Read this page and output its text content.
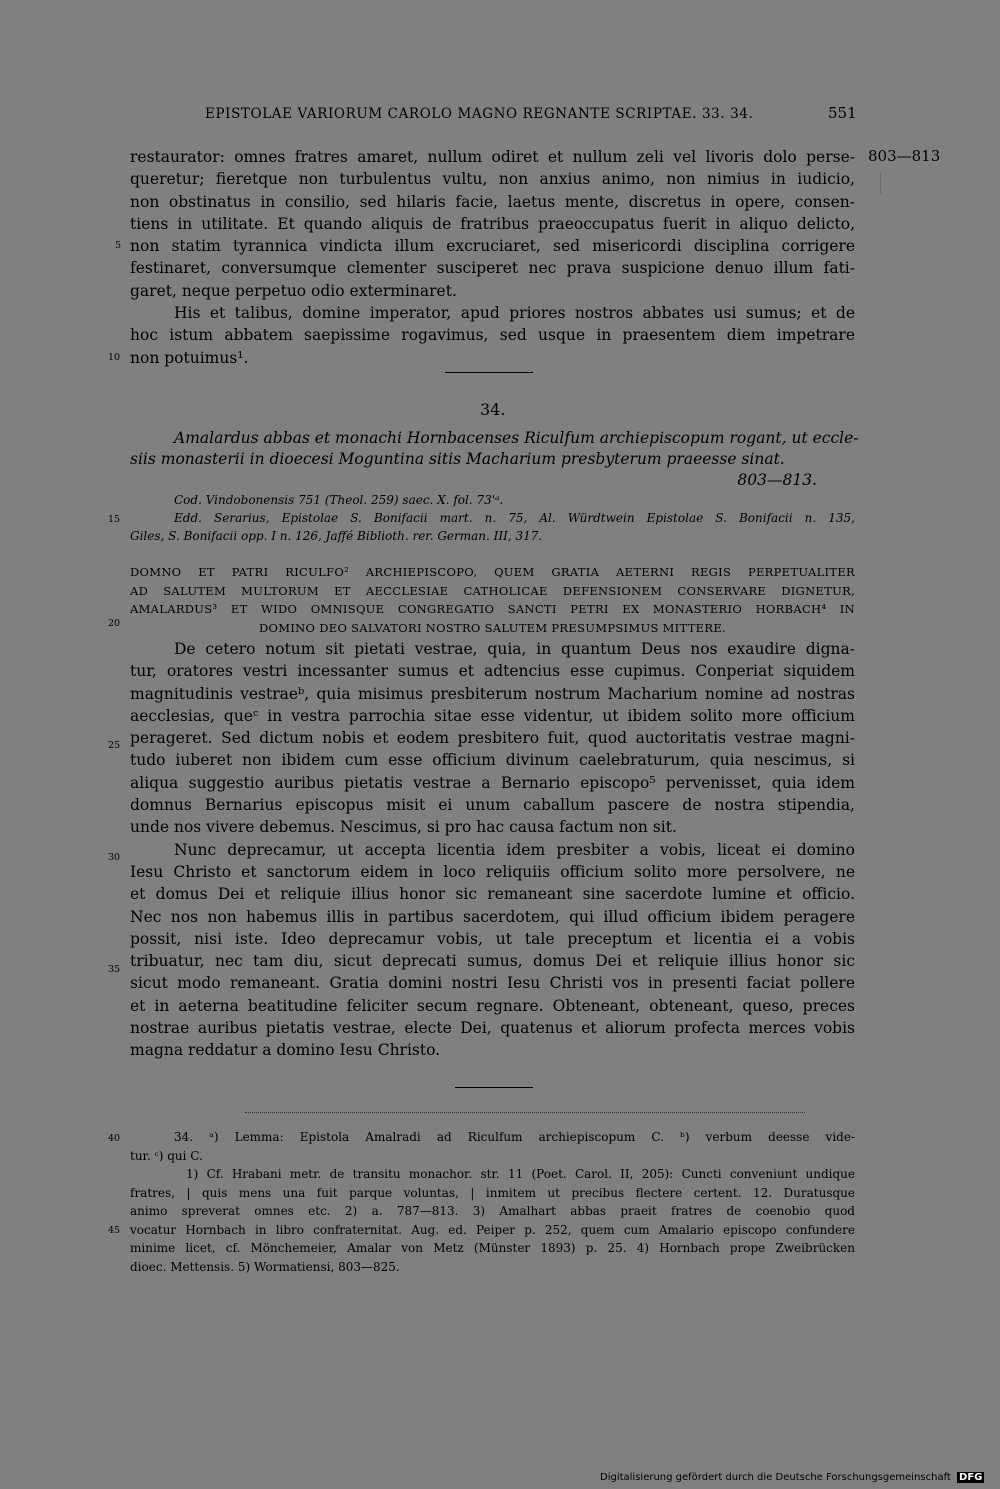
EPISTOLAE VARIORUM CAROLO MAGNO REGNANTE SCRIPTAE. 33. 34.	551
803—813
restaurator: omnes fratres amaret, nullum odiret et nullum zeli vel livoris dolo perse-
queretur; fieretque non turbulentus vultu, non anxius animo, non nimius in iudicio,
non obstinatus in consilio, sed hilaris facie, laetus mente, discretus in opere, consen-
tiens in utilitate. Et quando aliquis de fratribus praeoccupatus fuerit in aliquo delicto,
non statim tyrannica vindicta illum excruciaret, sed misericordi disciplina corrigere
festinaret, conversumque clementer susciperet nec prava suspicione denuo illum fati-
garet, neque perpetuo odio exterminaret.
His et talibus, domine imperator, apud priores nostros abbates usi sumus; et de
hoc istum abbatem saepissime rogavimus, sed usque in praesentem diem impetrare
non potuimus¹.
5
10
34.
Amalardus abbas et monachi Hornbacenses Riculfum archiepiscopum rogant, ut eccle-
siis monasterii in dioecesi Moguntina sitis Macharium presbyterum praeesse sinat.
803—813.
Cod. Vindobonensis 751 (Theol. 259) saec. X. fol. 73'ᵃ.
Edd. Serarius, Epistolae S. Bonifacii mart. n. 75, Al. Würdtwein Epistolae S. Bonifacii n. 135,
Giles, S. Bonifacii opp. I n. 126, Jaffé Biblioth. rer. German. III, 317.
15
DOMNO ET PATRI RICULFO² ARCHIEPISCOPO, QUEM GRATIA AETERNI REGIS PERPETUALITER
AD SALUTEM MULTORUM ET AECCLESIAE CATHOLICAE DEFENSIONEM CONSERVARE DIGNETUR,
AMALARDUS³ ET WIDO OMNISQUE CONGREGATIO SANCTI PETRI EX MONASTERIO HORBACH⁴ IN
DOMINO DEO SALVATORI NOSTRO SALUTEM PRESUMPSIMUS MITTERE.
20
De cetero notum sit pietati vestrae, quia, in quantum Deus nos exaudire digna-
tur, oratores vestri incessanter sumus et adtencius esse cupimus. Conperiat siquidem
magnitudinis vestraeᵇ, quia misimus presbiterum nostrum Macharium nomine ad nostras
aecclesias, queᶜ in vestra parrochia sitae esse videntur, ut ibidem solito more officium
perageret. Sed dictum nobis et eodem presbitero fuit, quod auctoritatis vestrae magni-
tudo iuberet non ibidem cum esse officium divinum caelebraturum, quia nescimus, si
aliqua suggestio auribus pietatis vestrae a Bernario episcopo⁵ pervenisset, quia idem
domnus Bernarius episcopus misit ei unum caballum pascere de nostra stipendia,
unde nos vivere debemus. Nescimus, si pro hac causa factum non sit.
Nunc deprecamur, ut accepta licentia idem presbiter a vobis, liceat ei domino
Iesu Christo et sanctorum eidem in loco reliquiis officium solito more persolvere, ne
et domus Dei et reliquie illius honor sic remaneant sine sacerdote lumine et officio.
Nec nos non habemus illis in partibus sacerdotem, qui illud officium ibidem peragere
possit, nisi iste. Ideo deprecamur vobis, ut tale preceptum et licentia ei a vobis
tribuatur, nec tam diu, sicut deprecati sumus, domus Dei et reliquie illius honor sic
sicut modo remaneant. Gratia domini nostri Iesu Christi vos in presenti faciat pollere
et in aeterna beatitudine feliciter secum regnare. Obteneant, obteneant, queso, preces
nostrae auribus pietatis vestrae, electe Dei, quatenus et aliorum profecta merces vobis
magna reddatur a domino Iesu Christo.
25
30
35
34. ᵃ) Lemma: Epistola Amalradi ad Riculfum archiepiscopum C. ᵇ) verbum deesse vide-
tur. ᶜ) qui C.
1) Cf. Hrabani metr. de transitu monachor. str. 11 (Poet. Carol. II, 205): Cuncti conveniunt undique
fratres, | quis mens una fuit parque voluntas, | inmitem ut precibus flectere certent. 12. Duratusque
animo spreverat omnes etc. 2) a. 787—813. 3) Amalhart abbas praeit fratres de coenobio quod
vocatur Hornbach in libro confraternitat. Aug. ed. Peiper p. 252, quem cum Amalario episcopo confundere
minime licet, cf. Mönchemeier, Amalar von Metz (Münster 1893) p. 25. 4) Hornbach prope Zweibrücken
dioec. Mettensis. 5) Wormatiensi, 803—825.
40
45
Digitalisierung gefördert durch die Deutsche Forschungsgemeinschaft DFG
